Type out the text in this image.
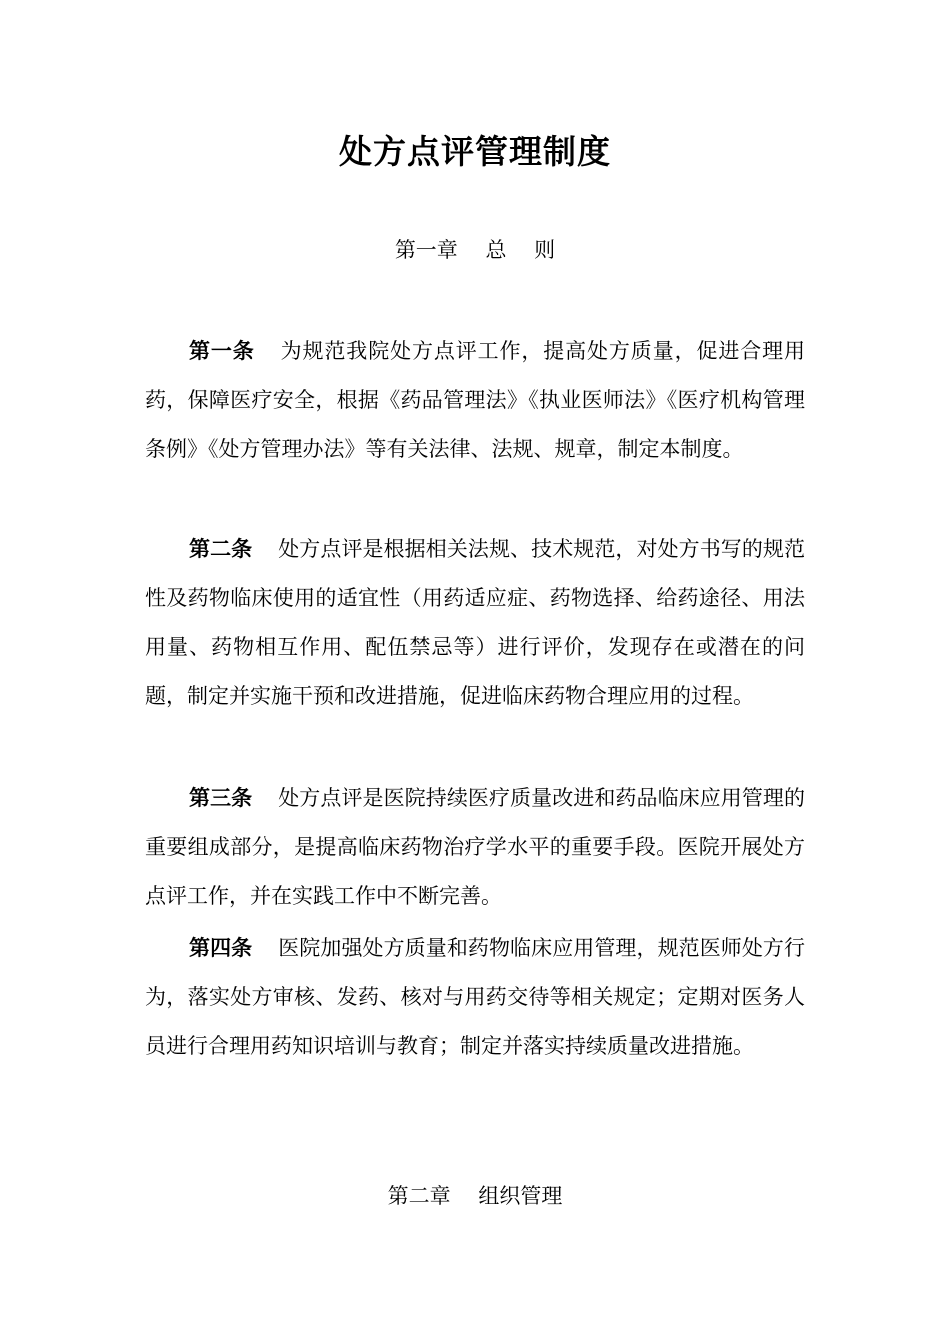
处方点评管理制度
第一章　 总　 则

第一条 为规范我院处方点评工作，提高处方质量，促进合理用药，保障医疗安全，根据《药品管理法》《执业医师法》《医疗机构管理条例》《处方管理办法》等有关法律、法规、规章，制定本制度。

第二条 处方点评是根据相关法规、技术规范，对处方书写的规范性及药物临床使用的适宜性（用药适应症、药物选择、给药途径、用法用量、药物相互作用、配伍禁忌等）进行评价，发现存在或潜在的问题，制定并实施干预和改进措施，促进临床药物合理应用的过程。

第三条 处方点评是医院持续医疗质量改进和药品临床应用管理的重要组成部分，是提高临床药物治疗学水平的重要手段。医院开展处方点评工作，并在实践工作中不断完善。

第四条 医院加强处方质量和药物临床应用管理，规范医师处方行为，落实处方审核、发药、核对与用药交待等相关规定；定期对医务人员进行合理用药知识培训与教育；制定并落实持续质量改进措施。

第二章　 组织管理
